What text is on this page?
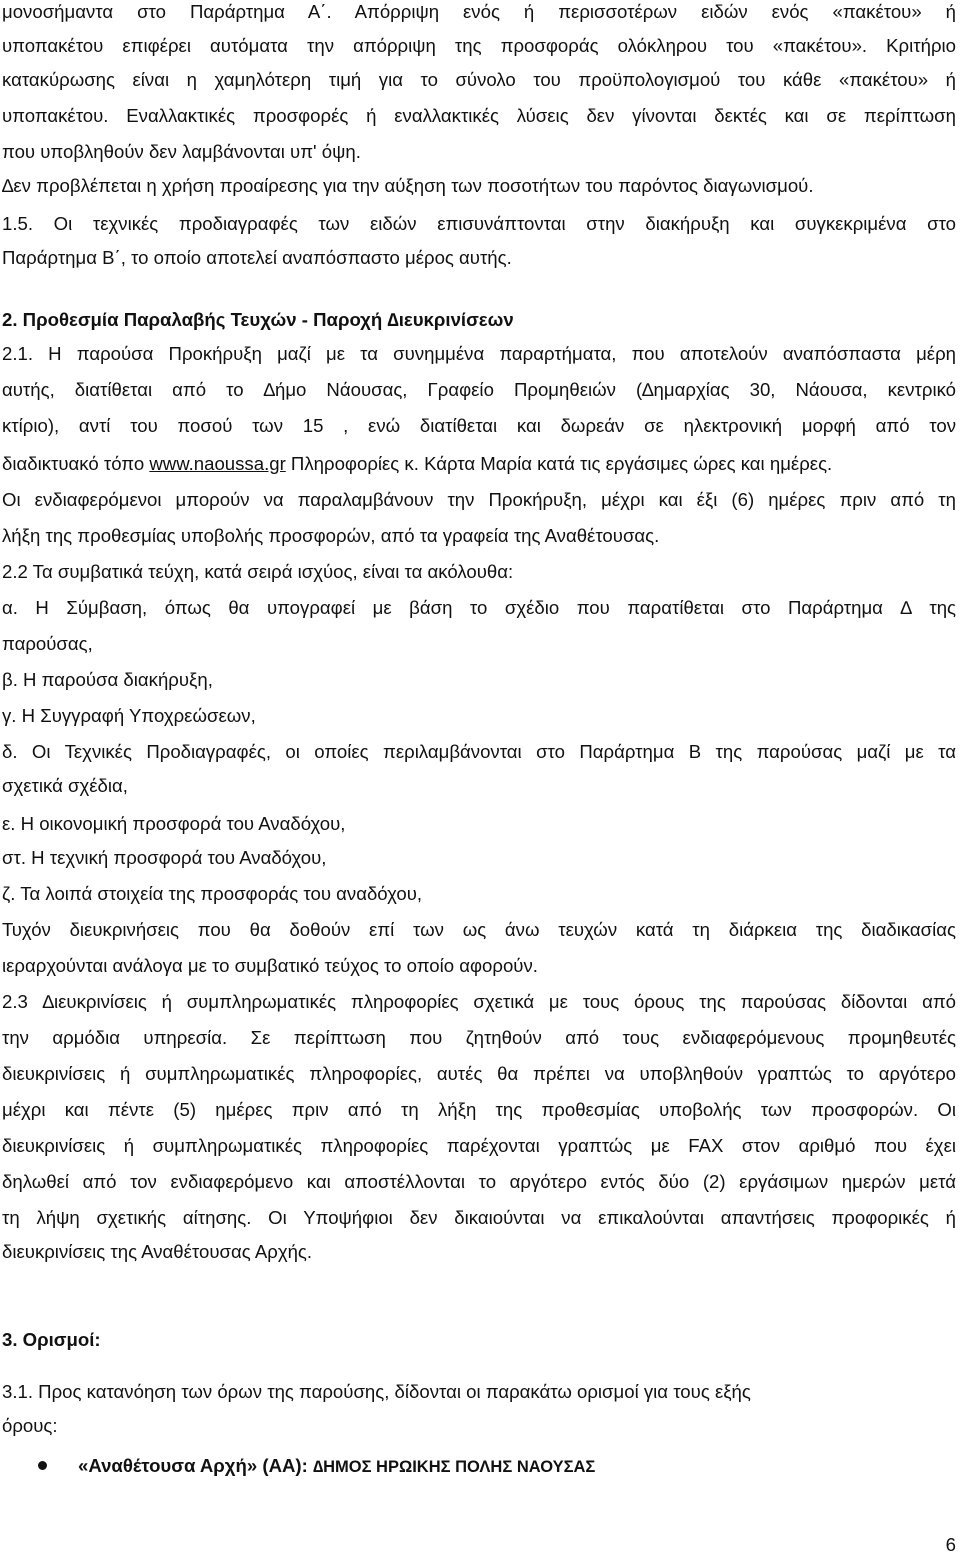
μονοσήμαντα στο Παράρτημα Α΄. Απόρριψη ενός ή περισσοτέρων ειδών ενός «πακέτου» ή
υποπακέτου επιφέρει αυτόματα την απόρριψη της προσφοράς ολόκληρου του «πακέτου». Κριτήριο
κατακύρωσης είναι η χαμηλότερη τιμή για το σύνολο του προϋπολογισμού του κάθε «πακέτου» ή
υποπακέτου. Εναλλακτικές προσφορές ή εναλλακτικές λύσεις δεν γίνονται δεκτές και σε περίπτωση
που υποβληθούν δεν λαμβάνονται υπ' όψη.
∆εν προβλέπεται η χρήση προαίρεσης για την αύξηση των ποσοτήτων του παρόντος διαγωνισμού.
1.5. Οι τεχνικές προδιαγραφές των ειδών επισυνάπτονται στην διακήρυξη και συγκεκριμένα στο
Παράρτημα Β΄, το οποίο αποτελεί αναπόσπαστο μέρος αυτής.
2. Προθεσμία Παραλαβής Τευχών - Παροχή ∆ιευκρινίσεων
2.1. Η παρούσα Προκήρυξη μαζί με τα συνημμένα παραρτήματα, που αποτελούν αναπόσπαστα μέρη
αυτής, διατίθεται από το ∆ήμο Νάουσας, Γραφείο Προμηθειών (∆ημαρχίας 30, Νάουσα, κεντρικό
κτίριο), αντί του ποσού των 15 , ενώ διατίθεται και δωρεάν σε ηλεκτρονική μορφή από τον
Οι ενδιαφερόμενοι μπορούν να παραλαμβάνουν την Προκήρυξη, μέχρι και έξι (6) ημέρες πριν από τη
λήξη της προθεσμίας υποβολής προσφορών, από τα γραφεία της Αναθέτουσας.
2.2 Τα συμβατικά τεύχη, κατά σειρά ισχύος, είναι τα ακόλουθα:
α. Η Σύμβαση, όπως θα υπογραφεί με βάση το σχέδιο που παρατίθεται στο Παράρτημα ∆ της
παρούσας,
β. Η παρούσα διακήρυξη,
γ. Η Συγγραφή Υποχρεώσεων,
δ. Οι Τεχνικές Προδιαγραφές, οι οποίες περιλαμβάνονται στο Παράρτημα Β της παρούσας μαζί με τα
σχετικά σχέδια,
ε. Η οικονομική προσφορά του Αναδόχου,
στ. Η τεχνική προσφορά του Αναδόχου,
ζ. Τα λοιπά στοιχεία της προσφοράς του αναδόχου,
Τυχόν διευκρινήσεις που θα δοθούν επί των ως άνω τευχών κατά τη διάρκεια της διαδικασίας
ιεραρχούνται ανάλογα με το συμβατικό τεύχος το οποίο αφορούν.
2.3 ∆ιευκρινίσεις ή συμπληρωματικές πληροφορίες σχετικά με τους όρους της παρούσας δίδονται από
την αρμόδια υπηρεσία. Σε περίπτωση που ζητηθούν από τους ενδιαφερόμενους προμηθευτές
διευκρινίσεις ή συμπληρωματικές πληροφορίες, αυτές θα πρέπει να υποβληθούν γραπτώς το αργότερο
μέχρι και πέντε (5) ημέρες πριν από τη λήξη της προθεσμίας υποβολής των προσφορών. Οι
διευκρινίσεις ή συμπληρωματικές πληροφορίες παρέχονται γραπτώς με FAX στον αριθμό που έχει
δηλωθεί από τον ενδιαφερόμενο και αποστέλλονται το αργότερο εντός δύο (2) εργάσιμων ημερών μετά
τη λήψη σχετικής αίτησης. Οι Υποψήφιοι δεν δικαιούνται να επικαλούνται απαντήσεις προφορικές ή
διευκρινίσεις της Αναθέτουσας Αρχής.
3. Ορισμοί:
3.1. Προς κατανόηση των όρων της παρούσης, δίδονται οι παρακάτω ορισμοί για τους εξής
όρους:
διαδικτυακό τόπο www.naoussa.gr Πληροφορίες κ. Κάρτα Μαρία κατά τις εργάσιμες ώρες και ημέρες.
«Αναθέτουσα Αρχή» (ΑΑ): ∆ΗΜΟΣ ΗΡΩΙΚΗΣ ΠΟΛΗΣ ΝΑΟΥΣΑΣ
6
